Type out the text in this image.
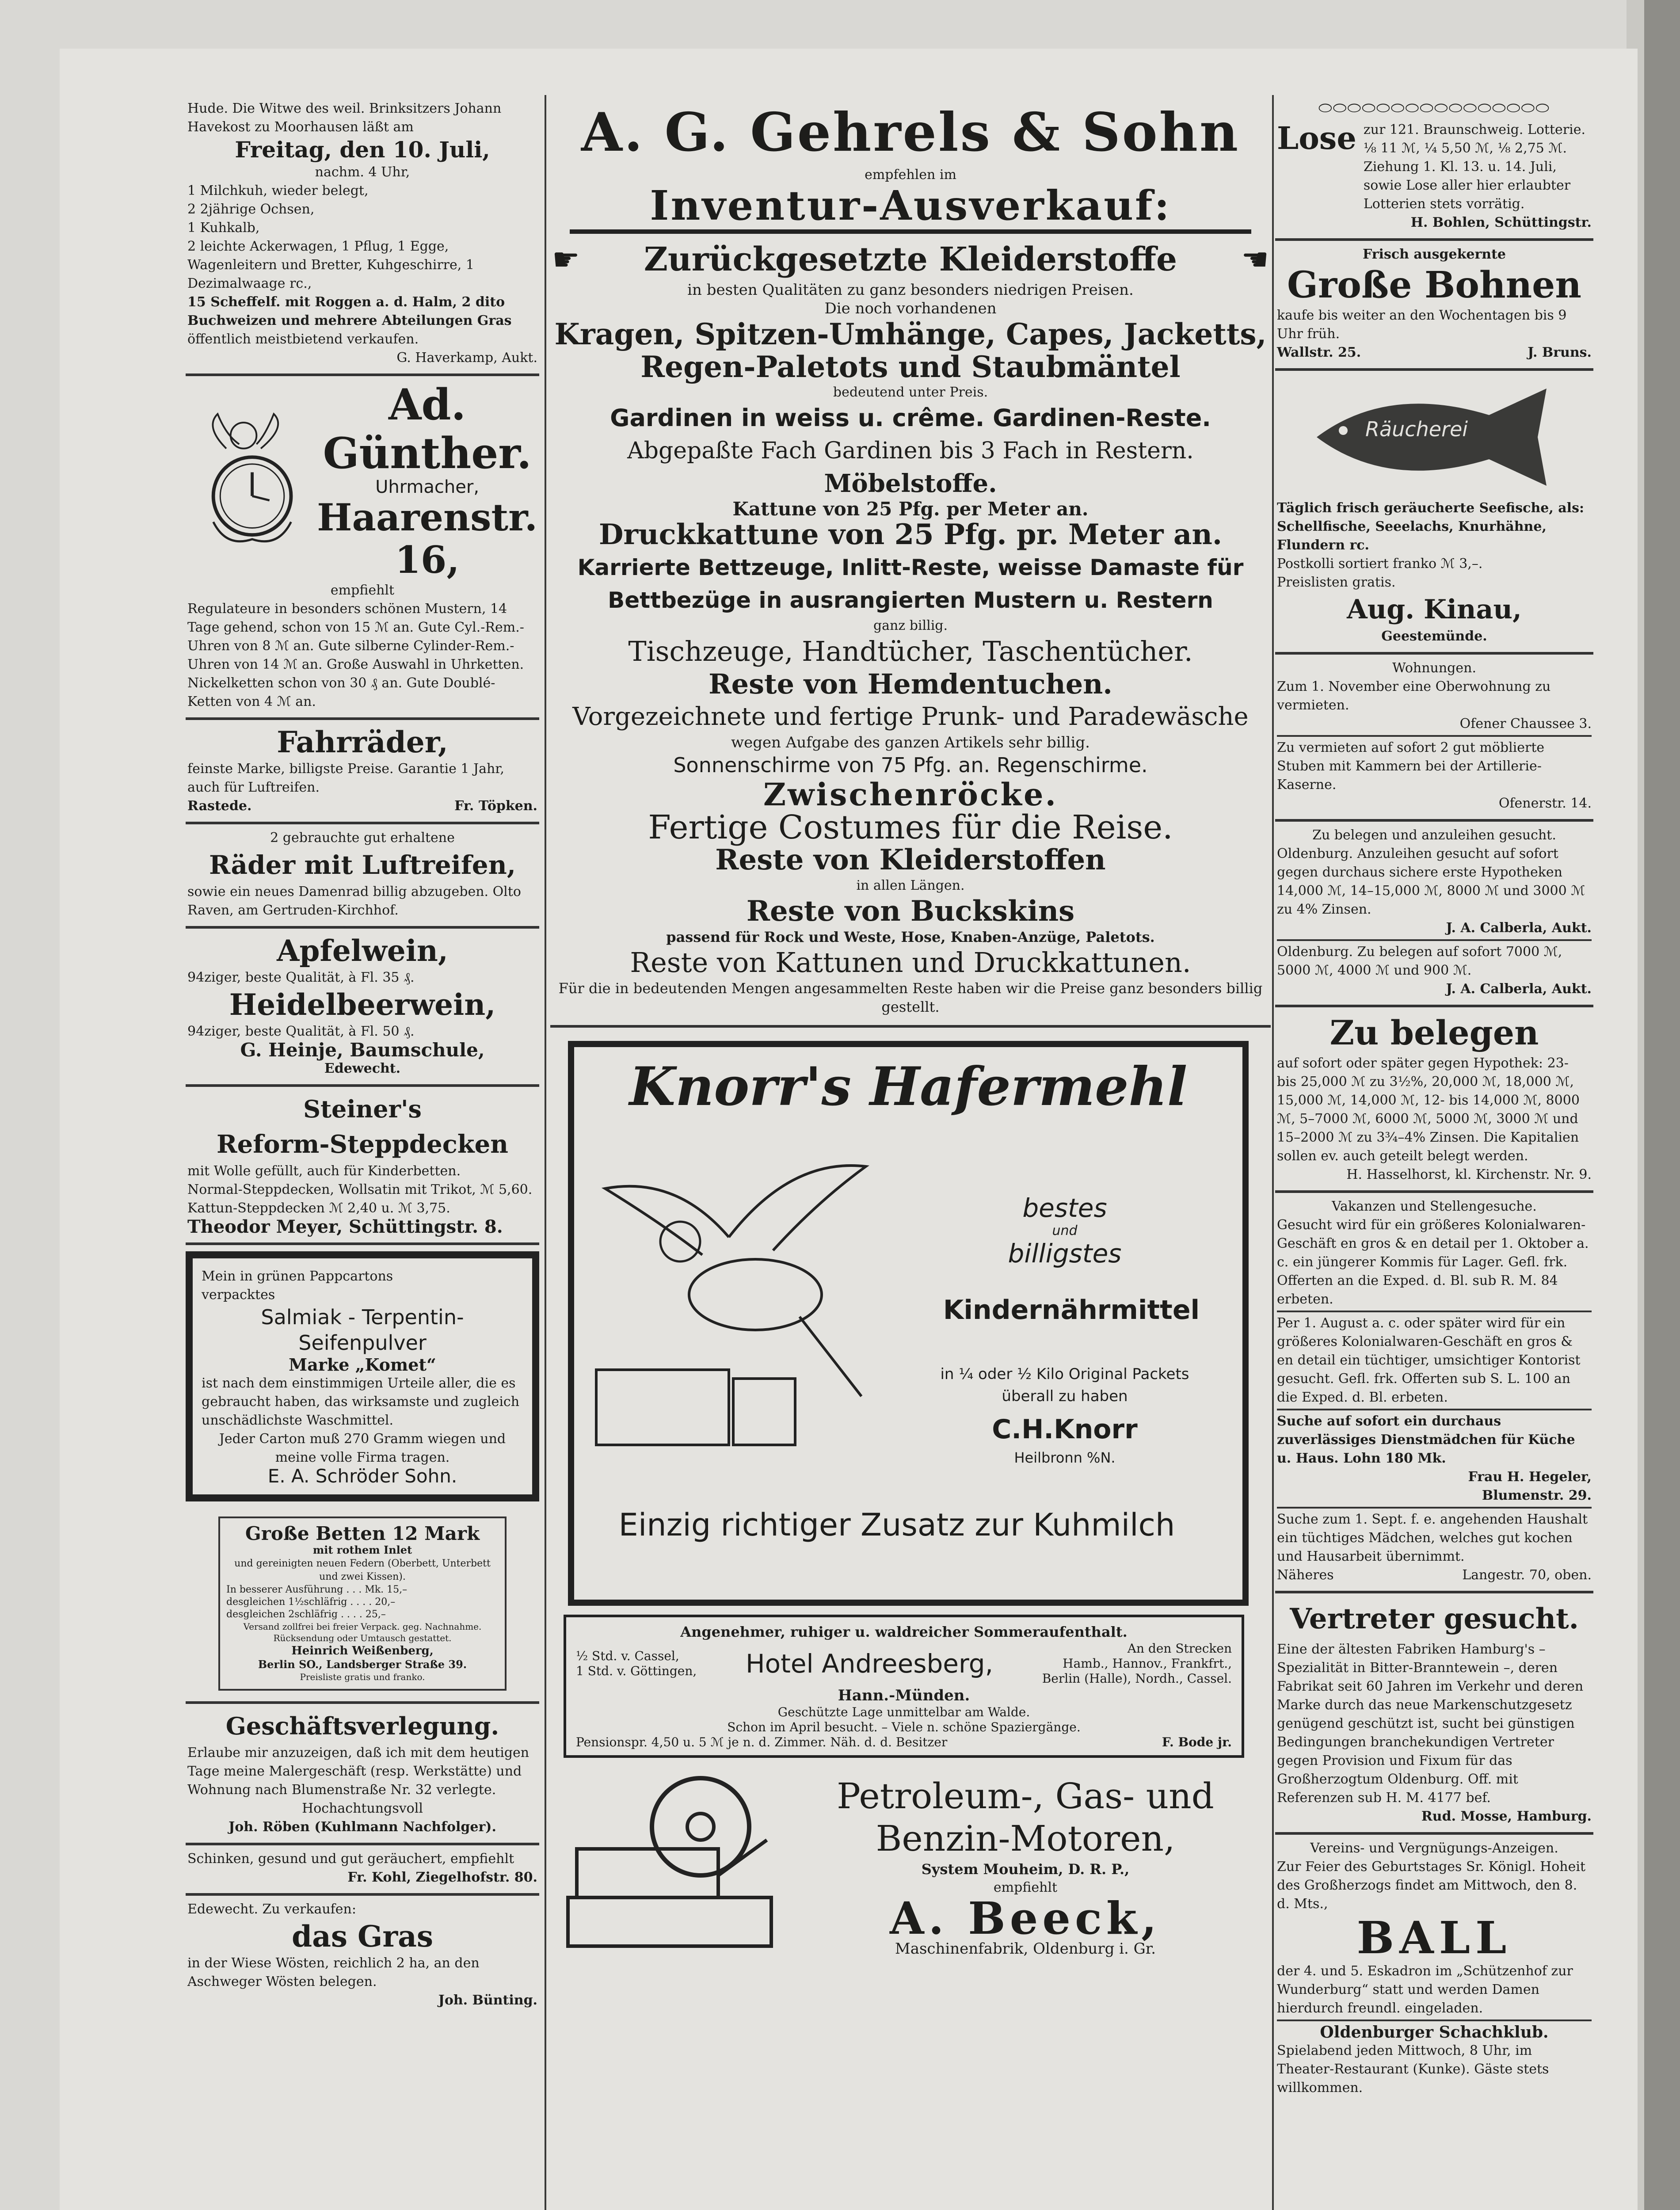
Hude. Die Witwe des weil. Brinksitzers Johann Havekost zu Moorhausen läßt am
Freitag, den 10. Juli,
nachm. 4 Uhr,
1 Milchkuh, wieder belegt,
2 2jährige Ochsen,
1 Kuhkalb,
2 leichte Ackerwagen, 1 Pflug, 1 Egge, Wagenleitern und Bretter, Kuhgeschirre, 1 Dezimalwaage rc.,
15 Scheffelf. mit Roggen a. d. Halm, 2 dito Buchweizen und mehrere Abteilungen Gras
öffentlich meistbietend verkaufen.
G. Haverkamp, Aukt.
Ad. Günther.
Uhrmacher,
Haarenstr. 16,
empfiehlt
Regulateure in besonders schönen Mustern, 14 Tage gehend, schon von 15 ℳ an. Gute Cyl.-Rem.-Uhren von 8 ℳ an. Gute silberne Cylinder-Rem.-Uhren von 14 ℳ an. Große Auswahl in Uhrketten. Nickelketten schon von 30 ₰ an. Gute Doublé-Ketten von 4 ℳ an.
Fahrräder,
feinste Marke, billigste Preise. Garantie 1 Jahr, auch für Luftreifen.
Rastede.	Fr. Töpken.
2 gebrauchte gut erhaltene
Räder mit Luftreifen,
sowie ein neues Damenrad billig abzugeben. Olto Raven, am Gertruden-Kirchhof.
Apfelwein,
94ziger, beste Qualität, à Fl. 35 ₰.
Heidelbeerwein,
94ziger, beste Qualität, à Fl. 50 ₰.
G. Heinje, Baumschule,
Edewecht.
Steiner's
Reform-Steppdecken
mit Wolle gefüllt, auch für Kinderbetten.
Normal-Steppdecken, Wollsatin mit Trikot, ℳ 5,60.
Kattun-Steppdecken ℳ 2,40 u. ℳ 3,75.
Theodor Meyer, Schüttingstr. 8.
Mein in grünen Pappcartons
verpacktes
Salmiak - Terpentin-
Seifenpulver
Marke „Komet“
ist nach dem einstimmigen Urteile aller, die es gebraucht haben, das wirksamste und zugleich unschädlichste Waschmittel.
Jeder Carton muß 270 Gramm wiegen und meine volle Firma tragen.
E. A. Schröder Sohn.
Große Betten 12 Mark
mit rothem Inlet
und gereinigten neuen Federn (Oberbett, Unterbett und zwei Kissen).
In besserer Ausführung . . . Mk. 15,–
desgleichen 1½schläfrig . . . . 20,–
desgleichen 2schläfrig . . . . 25,–
Versand zollfrei bei freier Verpack. geg. Nachnahme. Rücksendung oder Umtausch gestattet.
Heinrich Weißenberg,
Berlin SO., Landsberger Straße 39.
Preisliste gratis und franko.
Geschäftsverlegung.
Erlaube mir anzuzeigen, daß ich mit dem heutigen Tage meine Malergeschäft (resp. Werkstätte) und Wohnung nach Blumenstraße Nr. 32 verlegte.
Hochachtungsvoll
Joh. Röben (Kuhlmann Nachfolger).
Schinken, gesund und gut geräuchert, empfiehlt
Fr. Kohl, Ziegelhofstr. 80.
Edewecht. Zu verkaufen:
das Gras
in der Wiese Wösten, reichlich 2 ha, an den Aschweger Wösten belegen.
Joh. Bünting.
A. G. Gehrels & Sohn
empfehlen im
Inventur-Ausverkauf:
☛ Zurückgesetzte Kleiderstoffe ☚
in besten Qualitäten zu ganz besonders niedrigen Preisen.
Die noch vorhandenen
Kragen, Spitzen-Umhänge, Capes, Jacketts,
Regen-Paletots und Staubmäntel
bedeutend unter Preis.
Gardinen in weiss u. crême. Gardinen-Reste.
Abgepaßte Fach Gardinen bis 3 Fach in Restern.
Möbelstoffe.
Kattune von 25 Pfg. per Meter an.
Druckkattune von 25 Pfg. pr. Meter an.
Karrierte Bettzeuge, Inlitt-Reste, weisse Damaste für
Bettbezüge in ausrangierten Mustern u. Restern
ganz billig.
Tischzeuge, Handtücher, Taschentücher.
Reste von Hemdentuchen.
Vorgezeichnete und fertige Prunk- und Paradewäsche
wegen Aufgabe des ganzen Artikels sehr billig.
Sonnenschirme von 75 Pfg. an. Regenschirme.
Zwischenröcke.
Fertige Costumes für die Reise.
Reste von Kleiderstoffen
in allen Längen.
Reste von Buckskins
passend für Rock und Weste, Hose, Knaben-Anzüge, Paletots.
Reste von Kattunen und Druckkattunen.
Für die in bedeutenden Mengen angesammelten Reste haben wir die Preise ganz besonders billig gestellt.
Knorr's Hafermehl
bestes
und
billigstes
Kindernährmittel
in ¼ oder ½ Kilo Original Packets
überall zu haben
C.H.Knorr
Heilbronn %N.
Einzig richtiger Zusatz zur Kuhmilch
Angenehmer, ruhiger u. waldreicher Sommeraufenthalt.
½ Std. v. Cassel,
1 Std. v. Göttingen, Hotel Andreesberg,
An den Strecken
Hamb., Hannov., Frankfrt.,
Berlin (Halle), Nordh., Cassel.
Hann.-Münden.
Geschützte Lage unmittelbar am Walde.
Schon im April besucht. – Viele n. schöne Spaziergänge.
Pensionspr. 4,50 u. 5 ℳ je n. d. Zimmer. Näh. d. d. Besitzer	F. Bode jr.
Petroleum-, Gas- und
Benzin-Motoren,
System Mouheim, D. R. P.,
empfiehlt
A. Beeck,
Maschinenfabrik, Oldenburg i. Gr.
⬭⬭⬭⬭⬭⬭⬭⬭⬭⬭⬭⬭⬭⬭⬭⬭
Lose zur 121. Braunschweig. Lotterie. ⅛ 11 ℳ, ¼ 5,50 ℳ, ⅛ 2,75 ℳ. Ziehung 1. Kl. 13. u. 14. Juli, sowie Lose aller hier erlaubter Lotterien stets vorrätig.
H. Bohlen, Schüttingstr.
Frisch ausgekernte
Große Bohnen
kaufe bis weiter an den Wochentagen bis 9 Uhr früh.
Wallstr. 25.	J. Bruns.
Räucherei
Täglich frisch geräucherte Seefische, als: Schellfische, Seeelachs, Knurhähne, Flundern rc.
Postkolli sortiert franko ℳ 3,–.
Preislisten gratis.
Aug. Kinau,
Geestemünde.
Wohnungen.
Zum 1. November eine Oberwohnung zu vermieten.
Ofener Chaussee 3.
Zu vermieten auf sofort 2 gut möblierte Stuben mit Kammern bei der Artillerie-Kaserne.
Ofenerstr. 14.
Zu belegen und anzuleihen gesucht.
Oldenburg. Anzuleihen gesucht auf sofort gegen durchaus sichere erste Hypotheken 14,000 ℳ, 14–15,000 ℳ, 8000 ℳ und 3000 ℳ zu 4% Zinsen.
J. A. Calberla, Aukt.
Oldenburg. Zu belegen auf sofort 7000 ℳ, 5000 ℳ, 4000 ℳ und 900 ℳ.
J. A. Calberla, Aukt.
Zu belegen
auf sofort oder später gegen Hypothek: 23- bis 25,000 ℳ zu 3½%, 20,000 ℳ, 18,000 ℳ, 15,000 ℳ, 14,000 ℳ, 12- bis 14,000 ℳ, 8000 ℳ, 5–7000 ℳ, 6000 ℳ, 5000 ℳ, 3000 ℳ und 15–2000 ℳ zu 3¾–4% Zinsen. Die Kapitalien sollen ev. auch geteilt belegt werden.
H. Hasselhorst, kl. Kirchenstr. Nr. 9.
Vakanzen und Stellengesuche.
Gesucht wird für ein größeres Kolonialwaren-Geschäft en gros & en detail per 1. Oktober a. c. ein jüngerer Kommis für Lager. Gefl. frk. Offerten an die Exped. d. Bl. sub R. M. 84 erbeten.
Per 1. August a. c. oder später wird für ein größeres Kolonialwaren-Geschäft en gros & en detail ein tüchtiger, umsichtiger Kontorist gesucht. Gefl. frk. Offerten sub S. L. 100 an die Exped. d. Bl. erbeten.
Suche auf sofort ein durchaus zuverlässiges Dienstmädchen für Küche u. Haus. Lohn 180 Mk.
Frau H. Hegeler,
Blumenstr. 29.
Suche zum 1. Sept. f. e. angehenden Haushalt ein tüchtiges Mädchen, welches gut kochen und Hausarbeit übernimmt.
Näheres	Langestr. 70, oben.
Vertreter gesucht.
Eine der ältesten Fabriken Hamburg's – Spezialität in Bitter-Branntewein –, deren Fabrikat seit 60 Jahren im Verkehr und deren Marke durch das neue Markenschutzgesetz genügend geschützt ist, sucht bei günstigen Bedingungen branchekundigen Vertreter gegen Provision und Fixum für das Großherzogtum Oldenburg. Off. mit Referenzen sub H. M. 4177 bef.
Rud. Mosse, Hamburg.
Vereins- und Vergnügungs-Anzeigen.
Zur Feier des Geburtstages Sr. Königl. Hoheit des Großherzogs findet am Mittwoch, den 8. d. Mts.,
BALL
der 4. und 5. Eskadron im „Schützenhof zur Wunderburg“ statt und werden Damen hierdurch freundl. eingeladen.
Oldenburger Schachklub.
Spielabend jeden Mittwoch, 8 Uhr, im Theater-Restaurant (Kunke). Gäste stets willkommen.
